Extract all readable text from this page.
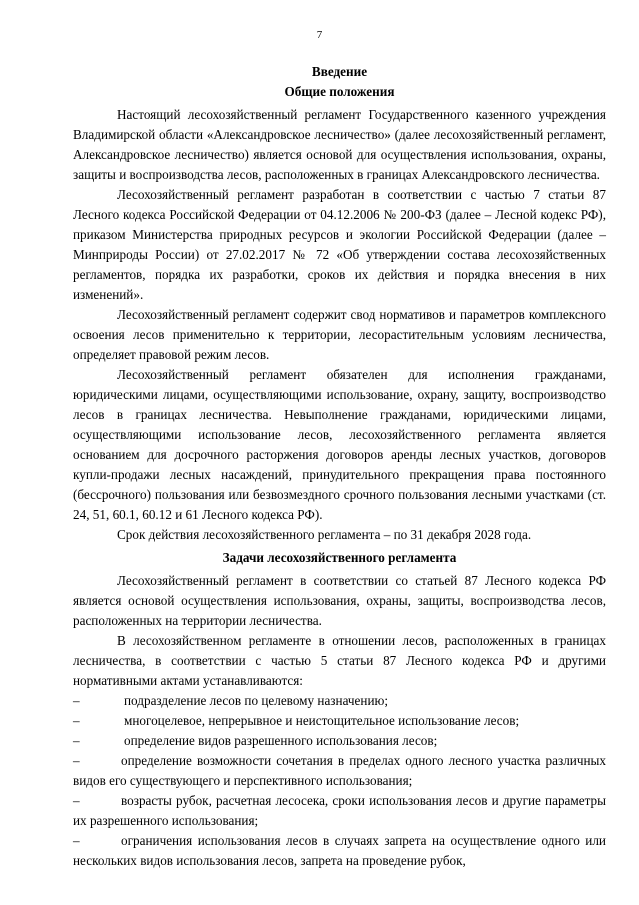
7
Введение
Общие положения

Настоящий лесохозяйственный регламент Государственного казенного учреждения Владимирской области «Александровское лесничество» (далее лесохозяйственный регламент, Александровское лесничество) является основой для осуществления использования, охраны, защиты и воспроизводства лесов, расположенных в границах Александровского лесничества.

Лесохозяйственный регламент разработан в соответствии с частью 7 статьи 87 Лесного кодекса Российской Федерации от 04.12.2006 № 200-ФЗ (далее – Лесной кодекс РФ), приказом Министерства природных ресурсов и экологии Российской Федерации (далее – Минприроды России) от 27.02.2017 № 72 «Об утверждении состава лесохозяйственных регламентов, порядка их разработки, сроков их действия и порядка внесения в них изменений».

Лесохозяйственный регламент содержит свод нормативов и параметров комплексного освоения лесов применительно к территории, лесорастительным условиям лесничества, определяет правовой режим лесов.

Лесохозяйственный регламент обязателен для исполнения гражданами, юридическими лицами, осуществляющими использование, охрану, защиту, воспроизводство лесов в границах лесничества. Невыполнение гражданами, юридическими лицами, осуществляющими использование лесов, лесохозяйственного регламента является основанием для досрочного расторжения договоров аренды лесных участков, договоров купли-продажи лесных насаждений, принудительного прекращения права постоянного (бессрочного) пользования или безвозмездного срочного пользования лесными участками (ст. 24, 51, 60.1, 60.12 и 61 Лесного кодекса РФ).

Срок действия лесохозяйственного регламента – по 31 декабря 2028 года.

Задачи лесохозяйственного регламента

Лесохозяйственный регламент в соответствии со статьей 87 Лесного кодекса РФ является основой осуществления использования, охраны, защиты, воспроизводства лесов, расположенных на территории лесничества.

В лесохозяйственном регламенте в отношении лесов, расположенных в границах лесничества, в соответствии с частью 5 статьи 87 Лесного кодекса РФ и другими нормативными актами устанавливаются:

–	подразделение лесов по целевому назначению;
–	многоцелевое, непрерывное и неистощительное использование лесов;
–	определение видов разрешенного использования лесов;
–	определение возможности сочетания в пределах одного лесного участка различных видов его существующего и перспективного использования;
–	возрасты рубок, расчетная лесосека, сроки использования лесов и другие параметры их разрешенного использования;
–	ограничения использования лесов в случаях запрета на осуществление одного или нескольких видов использования лесов, запрета на проведение рубок,
